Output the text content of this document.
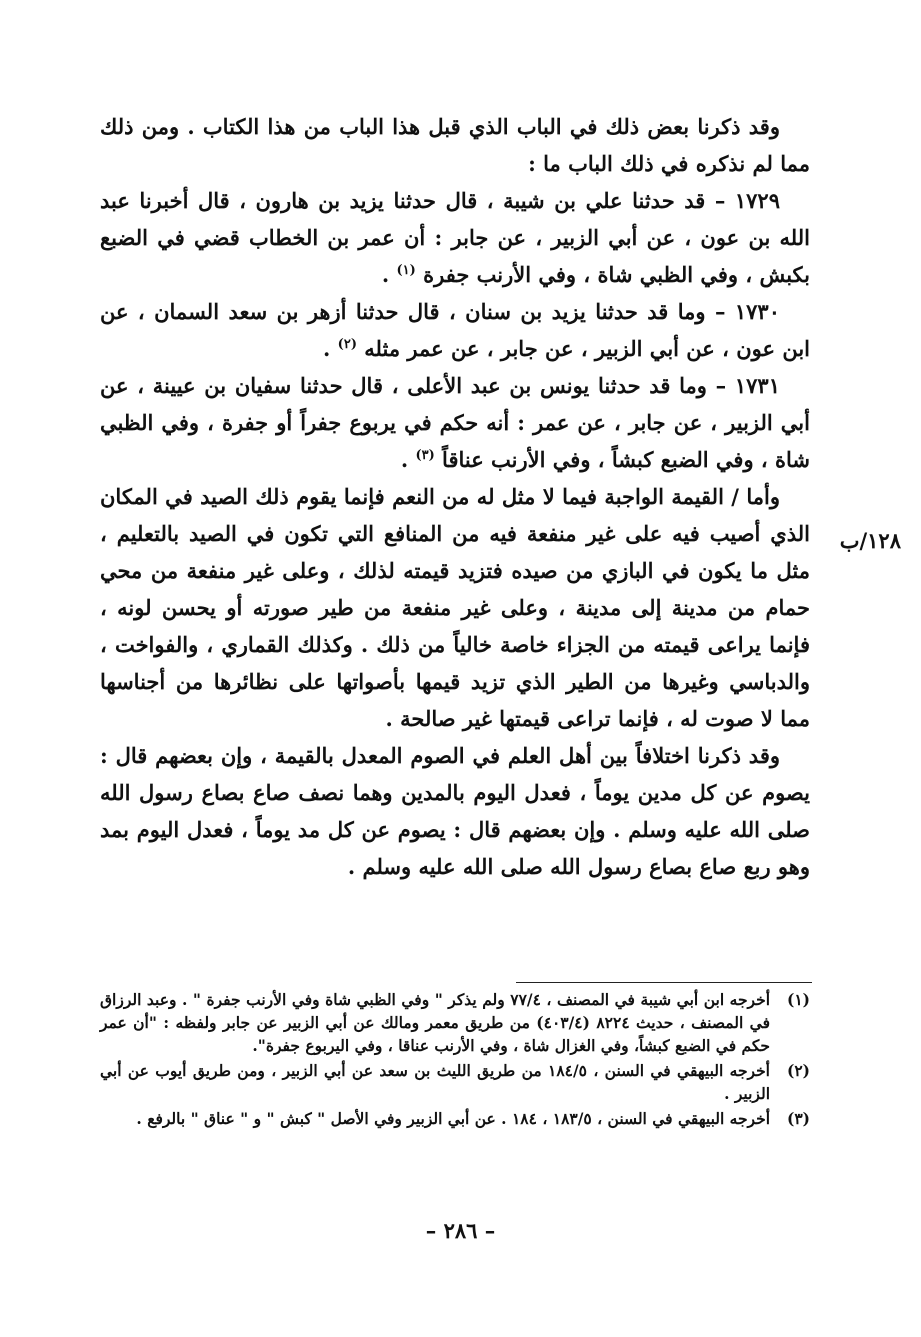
١٢٨/ب

وقد ذكرنا بعض ذلك في الباب الذي قبل هذا الباب من هذا الكتاب . ومن ذلك مما لم نذكره في ذلك الباب ما :

١٧٢٩ – قد حدثنا علي بن شيبة ، قال حدثنا يزيد بن هارون ، قال أخبرنا عبد الله بن عون ، عن أبي الزبير ، عن جابر : أن عمر بن الخطاب قضي في الضبع بكبش ، وفي الظبي شاة ، وفي الأرنب جفرة $^{(١)}$ .

١٧٣٠ – وما قد حدثنا يزيد بن سنان ، قال حدثنا أزهر بن سعد السمان ، عن ابن عون ، عن أبي الزبير ، عن جابر ، عن عمر مثله $^{(٢)}$ .

١٧٣١ – وما قد حدثنا يونس بن عبد الأعلى ، قال حدثنا سفيان بن عيينة ، عن أبي الزبير ، عن جابر ، عن عمر : أنه حكم في يربوع جفراً أو جفرة ، وفي الظبي شاة ، وفي الضبع كبشاً ، وفي الأرنب عناقاً $^{(٣)}$ .

وأما / القيمة الواجبة فيما لا مثل له من النعم فإنما يقوم ذلك الصيد في المكان الذي أصيب فيه على غير منفعة فيه من المنافع التي تكون في الصيد بالتعليم ، مثل ما يكون في البازي من صيده فتزيد قيمته لذلك ، وعلى غير منفعة من محي حمام من مدينة إلى مدينة ، وعلى غير منفعة من طير صورته أو يحسن لونه ، فإنما يراعى قيمته من الجزاء خاصة خالياً من ذلك . وكذلك القماري ، والفواخت ، والدباسي وغيرها من الطير الذي تزيد قيمها بأصواتها على نظائرها من أجناسها مما لا صوت له ، فإنما تراعى قيمتها غير صالحة .

وقد ذكرنا اختلافاً بين أهل العلم في الصوم المعدل بالقيمة ، وإن بعضهم قال : يصوم عن كل مدين يوماً ، فعدل اليوم بالمدين وهما نصف صاع بصاع رسول الله صلى الله عليه وسلم . وإن بعضهم قال : يصوم عن كل مد يوماً ، فعدل اليوم بمد وهو ربع صاع بصاع رسول الله صلى الله عليه وسلم .

(١)
أخرجه ابن أبي شيبة في المصنف ، ٧٧/٤ ولم يذكر " وفي الظبي شاة وفي الأرنب جفرة " . وعبد الرزاق في المصنف ، حديث ٨٢٢٤ (٤٠٣/٤) من طريق معمر ومالك عن أبي الزبير عن جابر ولفظه : "أن عمر حكم في الضبع كبشاً، وفي الغزال شاة ، وفي الأرنب عناقا ، وفي اليربوع جفرة".
(٢)
أخرجه البيهقي في السنن ، ١٨٤/٥ من طريق الليث بن سعد عن أبي الزبير ، ومن طريق أيوب عن أبي الزبير .
(٣)
أخرجه البيهقي في السنن ، ١٨٣/٥ ، ١٨٤ . عن أبي الزبير وفي الأصل " كبش " و " عناق " بالرفع .
– ٢٨٦ –
